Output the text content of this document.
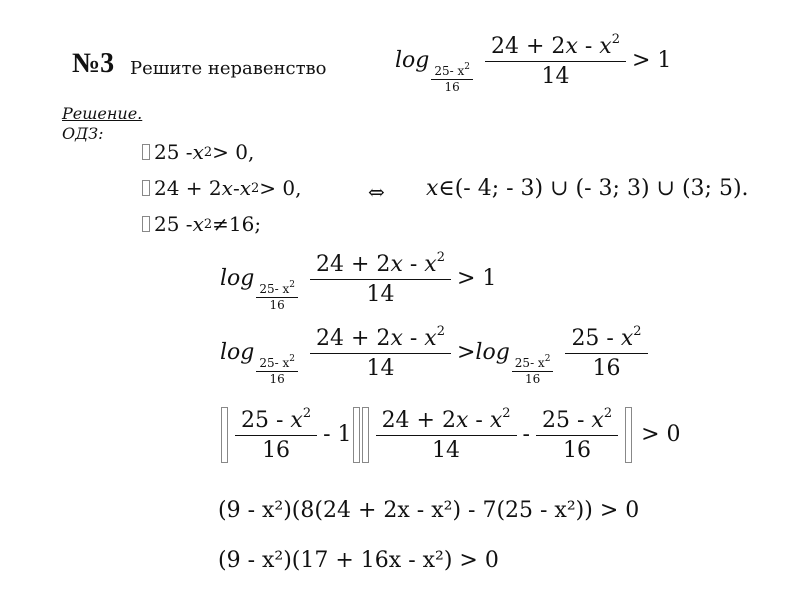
№3 Решите неравенство	log 25- $x^2$
$16 \frac{24 + 2x - x^2}{14} > 1$
Решение.
ОДЗ:
25 - x 2 > 0,
24 + 2 x - x 2 > 0,
25 - x 2 ≠16;
⇔ x∈(- 4; - 3) ∪ (- 3; 3) ∪ (3; 5).
log 25- $x^2$
$16 \frac{24 + 2x - x^2}{14} > 1$
log 25- $x^2$
$16 \frac{24 + 2x - x^2}{14} > \log 25-$ $x^2$
$16 \frac{25 - x^2}{16}$
$\frac{25 - x^2}{16} - 1 \frac{24 + 2x - x^2}{14} - \frac{25 - x^2}{16} > 0$
(9 - x²)(8(24 + 2x - x²) - 7(25 - x²)) > 0
(9 - x²)(17 + 16x - x²) > 0
